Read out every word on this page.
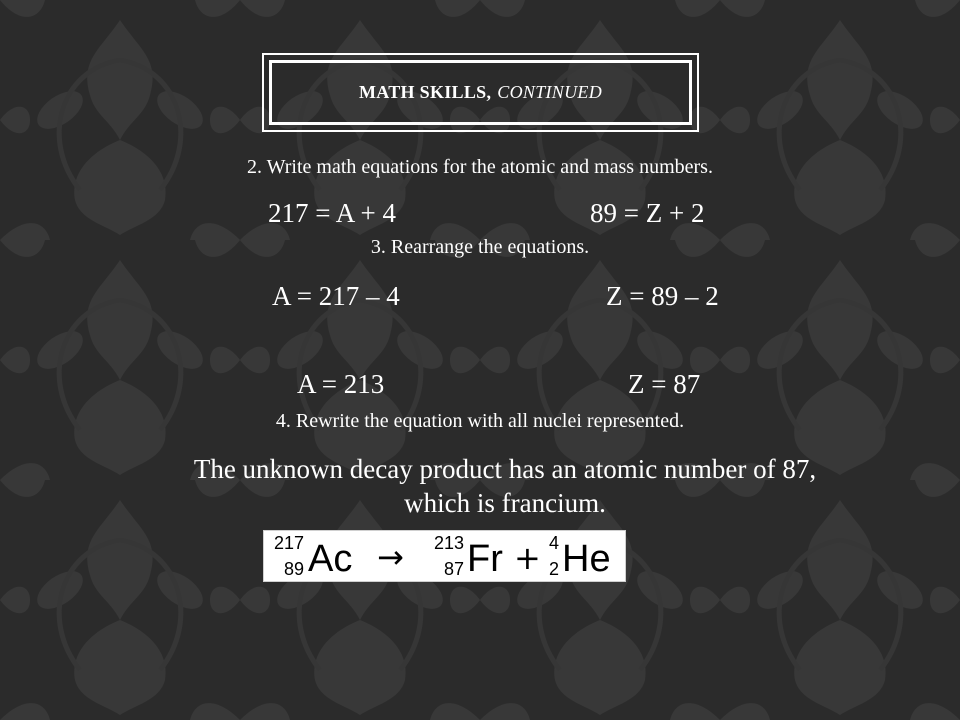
MATH SKILLS, CONTINUED
2. Write math equations for the atomic and mass numbers.
217 = A + 4	89 = Z + 2
3. Rearrange the equations.
A = 217 – 4	Z = 89 – 2
A = 213	Z = 87
4. Rewrite the equation with all nuclei represented.
The unknown decay product has an atomic number of 87,
which is francium.
217
89 Ac → 213
87 Fr + 4
2 He
